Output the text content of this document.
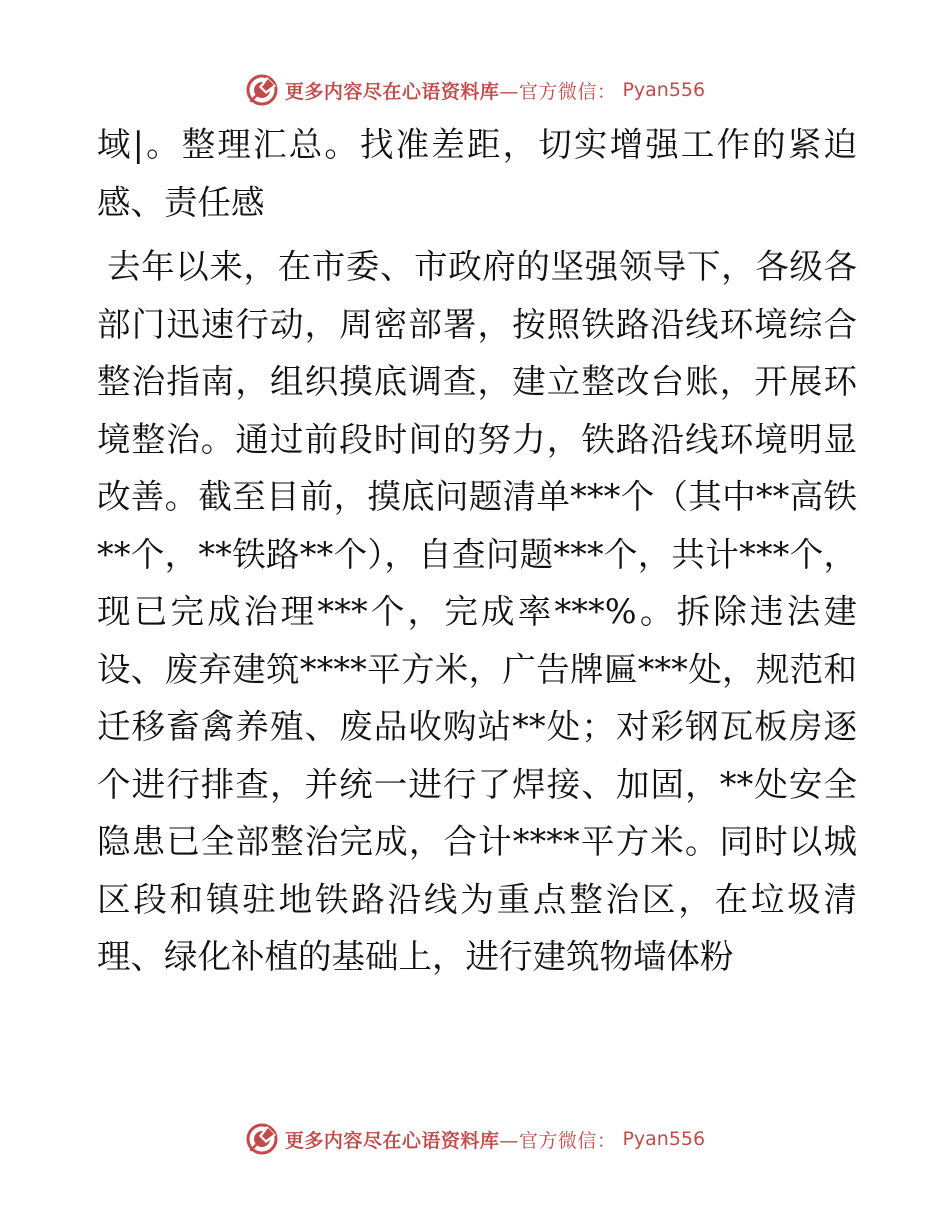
更多内容尽在心语资料库—官方微信： Pyan556

域|。整理汇总。找准差距，切实增强工作的紧迫感、责任感

去年以来，在市委、市政府的坚强领导下，各级各部门迅速行动，周密部署，按照铁路沿线环境综合整治指南，组织摸底调查，建立整改台账，开展环境整治。通过前段时间的努力，铁路沿线环境明显改善。截至目前，摸底问题清单***个（其中**高铁**个，**铁路**个），自查问题***个，共计***个，现已完成治理***个，完成率***%。拆除违法建设、废弃建筑****平方米，广告牌匾***处，规范和迁移畜禽养殖、废品收购站**处；对彩钢瓦板房逐个进行排查，并统一进行了焊接、加固，**处安全隐患已全部整治完成，合计****平方米。同时以城区段和镇驻地铁路沿线为重点整治区，在垃圾清理、绿化补植的基础上，进行建筑物墙体粉

更多内容尽在心语资料库—官方微信： Pyan556
